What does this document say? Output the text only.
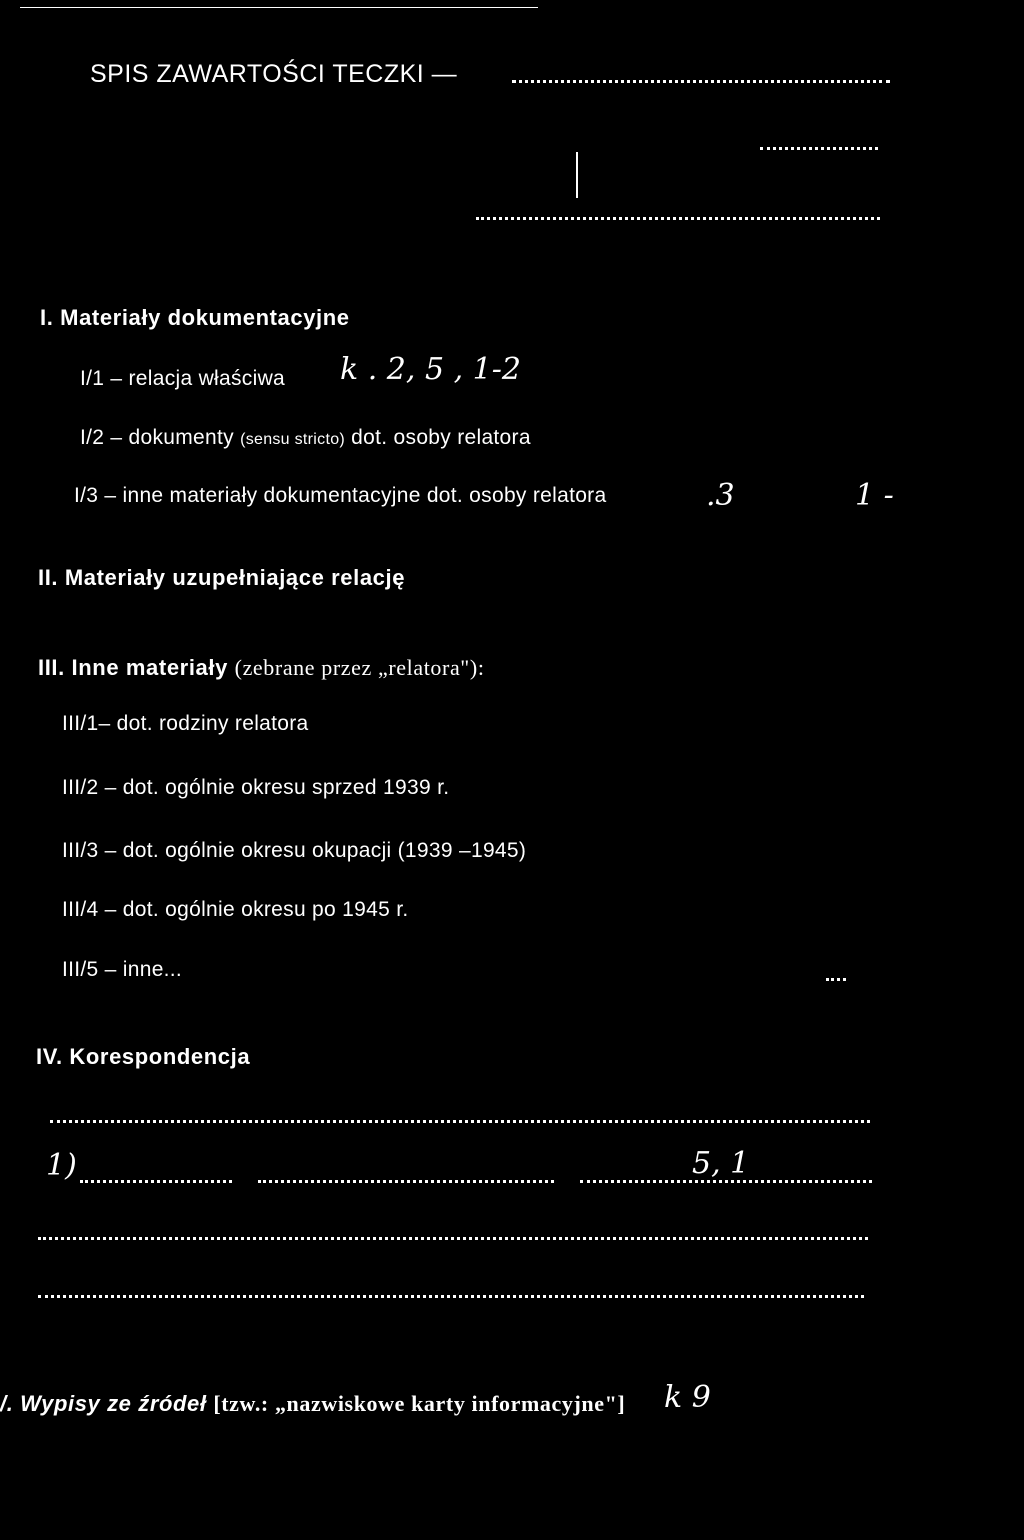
SPIS ZAWARTOŚCI TECZKI —
I. Materiały dokumentacyjne
I/1 – relacja właściwa k . 2, 5 , 1-2
I/2 – dokumenty (sensu stricto) dot. osoby relatora
I/3 – inne materiały dokumentacyjne dot. osoby relatora	.3	1 -
II. Materiały uzupełniające relację
III. Inne materiały (zebrane przez „relatora"):
III/1– dot. rodziny relatora
III/2 – dot. ogólnie okresu sprzed 1939 r.
III/3 – dot. ogólnie okresu okupacji (1939 –1945)
III/4 – dot. ogólnie okresu po 1945 r.
III/5 – inne...
IV. Korespondencja
1)	5, 1
/. Wypisy ze źródeł [tzw.: „nazwiskowe karty informacyjne"] k 9
